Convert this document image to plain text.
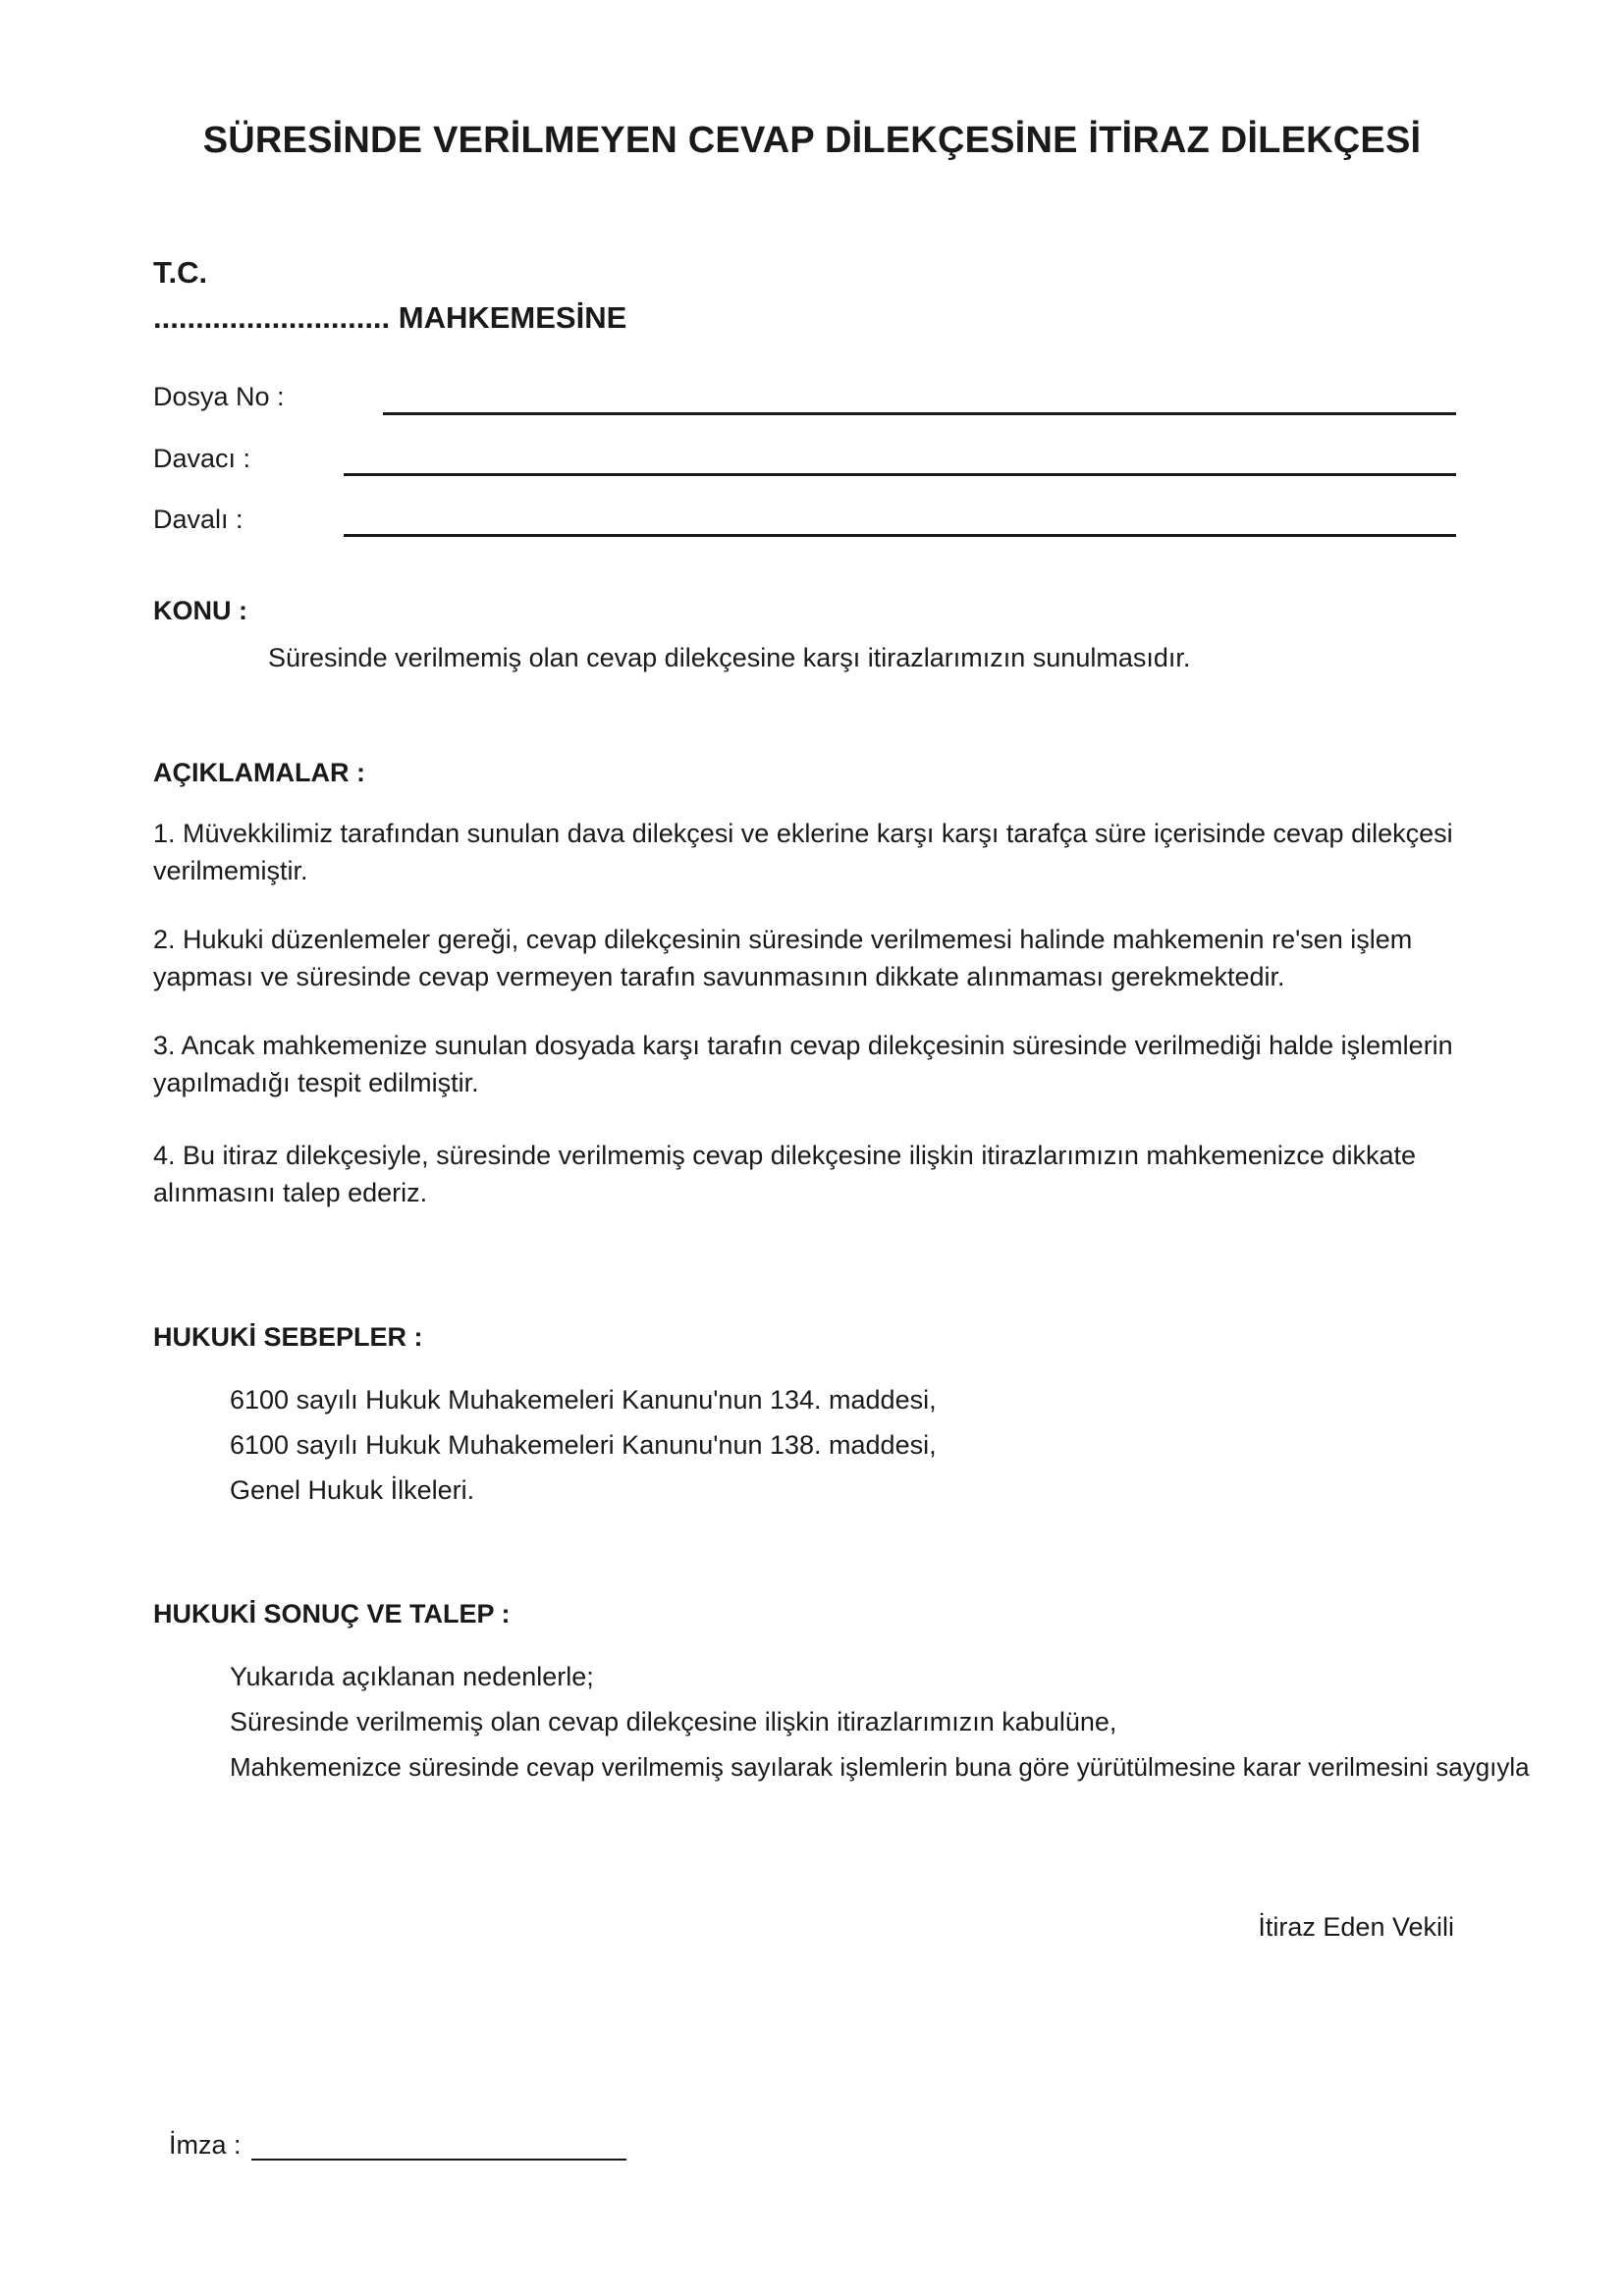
SÜRESİNDE VERİLMEYEN CEVAP DİLEKÇESİNE İTİRAZ DİLEKÇESİ
T.C.
............................ MAHKEMESİNE
Dosya No :
Davacı :
Davalı :
KONU :
Süresinde verilmemiş olan cevap dilekçesine karşı itirazlarımızın sunulmasıdır.
AÇIKLAMALAR :

1. Müvekkilimiz tarafından sunulan dava dilekçesi ve eklerine karşı karşı tarafça süre içerisinde cevap dilekçesi verilmemiştir.

2. Hukuki düzenlemeler gereği, cevap dilekçesinin süresinde verilmemesi halinde mahkemenin re'sen işlem yapması ve süresinde cevap vermeyen tarafın savunmasının dikkate alınmaması gerekmektedir.

3. Ancak mahkemenize sunulan dosyada karşı tarafın cevap dilekçesinin süresinde verilmediği halde işlemlerin yapılmadığı tespit edilmiştir.

4. Bu itiraz dilekçesiyle, süresinde verilmemiş cevap dilekçesine ilişkin itirazlarımızın mahkemenizce dikkate alınmasını talep ederiz.

HUKUKİ SEBEPLER :
6100 sayılı Hukuk Muhakemeleri Kanunu'nun 134. maddesi,
6100 sayılı Hukuk Muhakemeleri Kanunu'nun 138. maddesi,
Genel Hukuk İlkeleri.
HUKUKİ SONUÇ VE TALEP :
Yukarıda açıklanan nedenlerle;
Süresinde verilmemiş olan cevap dilekçesine ilişkin itirazlarımızın kabulüne,
Mahkemenizce süresinde cevap verilmemiş sayılarak işlemlerin buna göre yürütülmesine karar verilmesini saygıyla
İtiraz Eden Vekili
İmza :
